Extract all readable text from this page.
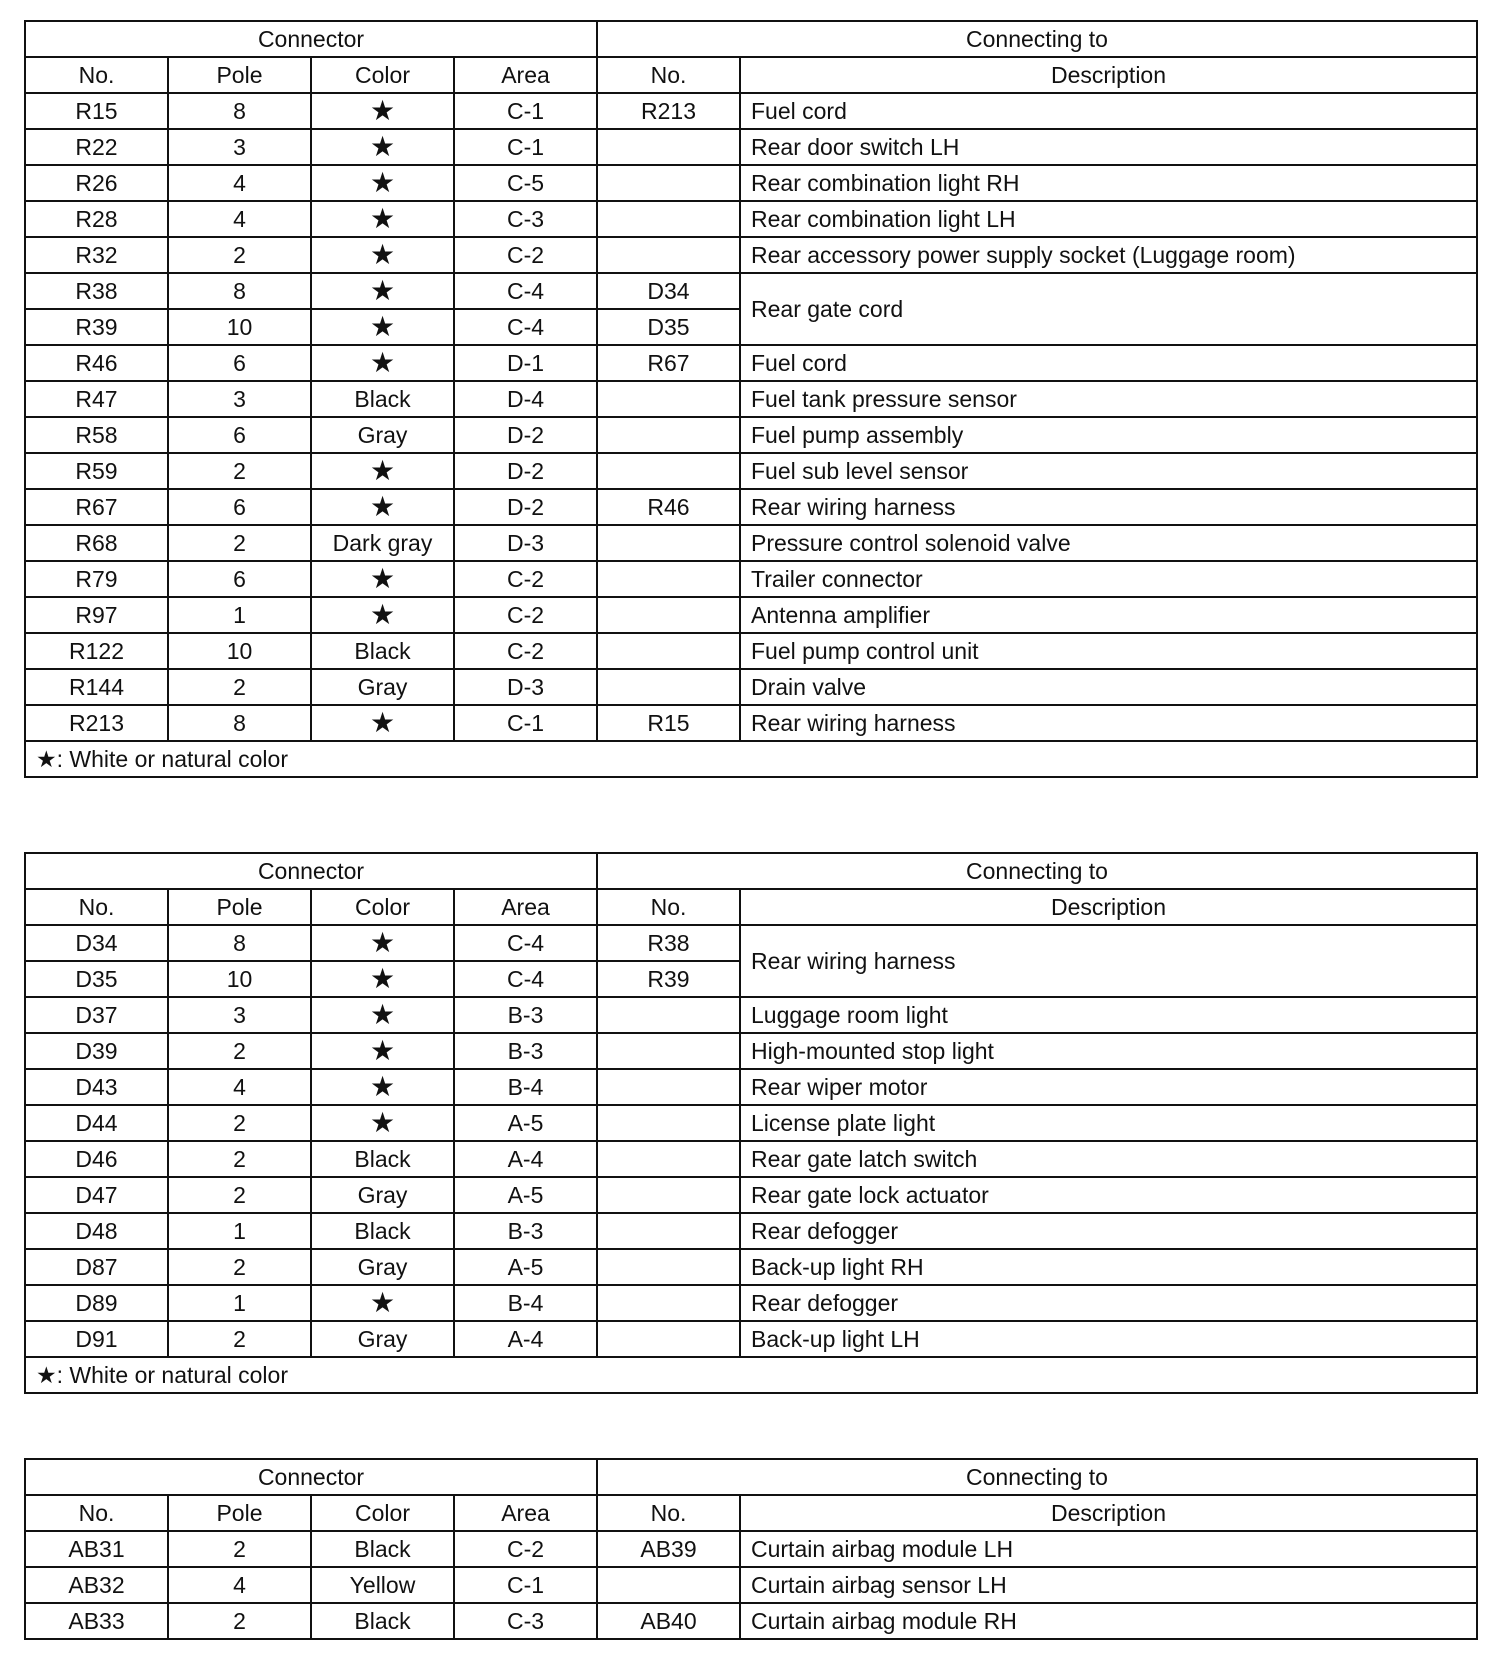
Connector				Connecting to	
No.	Pole	Color	Area	No.	Description
R15	8	★	C-1	R213	Fuel cord
R22	3	★	C-1		Rear door switch LH
R26	4	★	C-5		Rear combination light RH
R28	4	★	C-3		Rear combination light LH
R32	2	★	C-2		Rear accessory power supply socket (Luggage room)
R38	8	★	C-4	D34	Rear gate cord
R39	10	★	C-4	D35	
R46	6	★	D-1	R67	Fuel cord
R47	3	Black	D-4		Fuel tank pressure sensor
R58	6	Gray	D-2		Fuel pump assembly
R59	2	★	D-2		Fuel sub level sensor
R67	6	★	D-2	R46	Rear wiring harness
R68	2	Dark gray	D-3		Pressure control solenoid valve
R79	6	★	C-2		Trailer connector
R97	1	★	C-2		Antenna amplifier
R122	10	Black	C-2		Fuel pump control unit
R144	2	Gray	D-3		Drain valve
R213	8	★	C-1	R15	Rear wiring harness
★: White or natural color					
Connector				Connecting to	
No.	Pole	Color	Area	No.	Description
D34	8	★	C-4	R38	Rear wiring harness
D35	10	★	C-4	R39	
D37	3	★	B-3		Luggage room light
D39	2	★	B-3		High-mounted stop light
D43	4	★	B-4		Rear wiper motor
D44	2	★	A-5		License plate light
D46	2	Black	A-4		Rear gate latch switch
D47	2	Gray	A-5		Rear gate lock actuator
D48	1	Black	B-3		Rear defogger
D87	2	Gray	A-5		Back-up light RH
D89	1	★	B-4		Rear defogger
D91	2	Gray	A-4		Back-up light LH
★: White or natural color					
Connector				Connecting to	
No.	Pole	Color	Area	No.	Description
AB31	2	Black	C-2	AB39	Curtain airbag module LH
AB32	4	Yellow	C-1		Curtain airbag sensor LH
AB33	2	Black	C-3	AB40	Curtain airbag module RH
